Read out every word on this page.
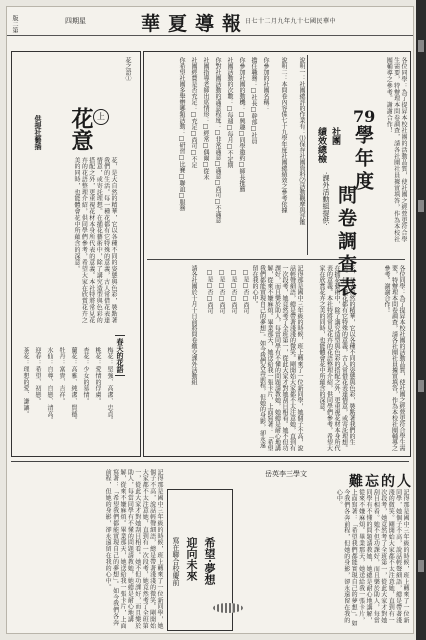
版二第	四期星	報導夏華
日七十二月九年九十七國民華中
各位同學：為了提昇本校社團的活動品質，使社團之經營更符合學生需要，特辦理本問卷調查，請各社團社員據實填答，作為本校社團輔導之參考。謝謝合作！
79
學年度
社團
績效總檢
問卷調查表
·課外活動組提供·
說明一：社團總評的作業有：⑴保存社團資料⑵活動觀摩與評鑑
說明二：本問卷內容係七十九學年度社團總績效之參考依據
你參加的社團名稱：
擔任職務：□社長□幹部□社員
你參加社團的動機：□興趣□同學邀約□師長推薦
社團活動的次數：□每週□每月□不定期
你對社團活動的滿意程度：□非常滿意□滿意□尚可□不滿意
社團指導老師出席情形：□經常□偶爾□從未
社團經費是否充足：□充足□尚可□不足
你希望社團多舉辦哪類活動：□研習□比賽□聯誼□服務
各位同學：為了提昇本校社團的活動品質，使社團之經營更符合學生需要，特辦理本問卷調查，請各社團社員據實填答，作為本校社團輔導之參考。謝謝合作！
花，是大自然的精華，它以各種不同的姿態與色彩，裝點著我們的生活。每一種花都有它特殊的意義，古人常借花表達情意，或寄託理想。在插花藝術中，除了講究造型與色彩的搭配之外，更重視花材本身所代表的意義。本社特將常見花卉的花語整理介紹，供同學們參考，希望大家在欣賞花卉之美的同時，也能體會花中所蘊含的深意。
記得那是國中三年級的時候，班上轉來了一位新同學，她個子不高，說話輕聲細語，總是帶著淺淺的微笑。剛開始大家都不太注意她，直到有一次段考，她竟然考了全班第一，從此大家才對她刮目相看。她不但功課好，而且樂於助人，每當同學有不懂的問題請教她，她總是耐心地講解，從來不嫌麻煩。畢業那天，她送給我一張卡片，上面寫著：「希望我們都能實現自己的夢想」。如今我們各奔前程，但她的身影，卻永遠留在我的心中。
□是□否□尚可
□是□否□尚可
□是□否□尚可
□是□否□尚可
請各社團於十月十日前將問卷繳交課外活動組
花之語①
上
花意
供提社藝插
花，是大自然的精華，它以各種不同的姿態與色彩，裝點著我們的生活。每一種花都有它特殊的意義，古人常借花表達情意，或寄託理想。在插花藝術中，除了講究造型與色彩的搭配之外，更重視花材本身所代表的意義。本社特將常見花卉的花語整理介紹，供同學們參考，希望大家在欣賞花卉之美的同時，也能體會花中所蘊含的深意。
春天的花語
梅花：堅強、高潔、忠貞。
桃花：愛情的俘虜。
杏花：少女的慕情。
蘭花：高雅、純潔、賢德。
牡丹：富貴、吉祥。
水仙：自尊、自戀、清高。
迎春：希望、初戀。
茶花：理想的愛、謙讓。
難忘的人
岳英李三學文
記得那是國中三年級的時候，班上轉來了一位新同學，她個子不高，說話輕聲細語，總是帶著淺淺的微笑。剛開始大家都不太注意她，直到有一次段考，她竟然考了全班第一，從此大家才對她刮目相看。她不但功課好，而且樂於助人，每當同學有不懂的問題請教她，她總是耐心地講解，從來不嫌麻煩。畢業那天，她送給我一張卡片，上面寫著：「希望我們都能實現自己的夢想」。如今我們各奔前程，但她的身影，卻永遠留在我的心中。
希望·夢想
迎向未來
寫在聯合校慶前
記得那是國中三年級的時候，班上轉來了一位新同學，她個子不高，說話輕聲細語，總是帶著淺淺的微笑。剛開始大家都不太注意她，直到有一次段考，她竟然考了全班第一，從此大家才對她刮目相看。她不但功課好，而且樂於助人，每當同學有不懂的問題請教她，她總是耐心地講解，從來不嫌麻煩。畢業那天，她送給我一張卡片，上面寫著：「希望我們都能實現自己的夢想」。如今我們各奔前程，但她的身影，卻永遠留在我的心中。
